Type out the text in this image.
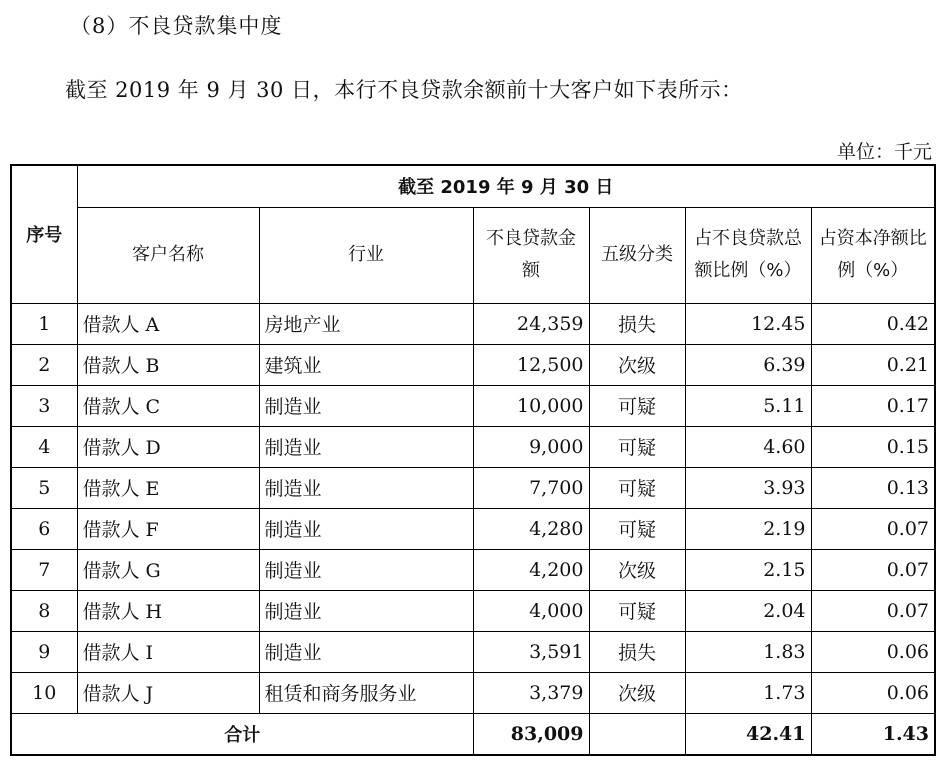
（8）不良贷款集中度
截至 2019 年 9 月 30 日，本行不良贷款余额前十大客户如下表所示：
单位：千元
序号	截至 2019 年 9 月 30 日					
	客户名称	行业	不良贷款金额	五级分类	占不良贷款总额比例（%）	占资本净额比例（%）
1	借款人 A	房地产业	24,359	损失	12.45	0.42
2	借款人 B	建筑业	12,500	次级	6.39	0.21
3	借款人 C	制造业	10,000	可疑	5.11	0.17
4	借款人 D	制造业	9,000	可疑	4.60	0.15
5	借款人 E	制造业	7,700	可疑	3.93	0.13
6	借款人 F	制造业	4,280	可疑	2.19	0.07
7	借款人 G	制造业	4,200	次级	2.15	0.07
8	借款人 H	制造业	4,000	可疑	2.04	0.07
9	借款人 I	制造业	3,591	损失	1.83	0.06
10	借款人 J	租赁和商务服务业	3,379	次级	1.73	0.06
合计			83,009		42.41	1.43
